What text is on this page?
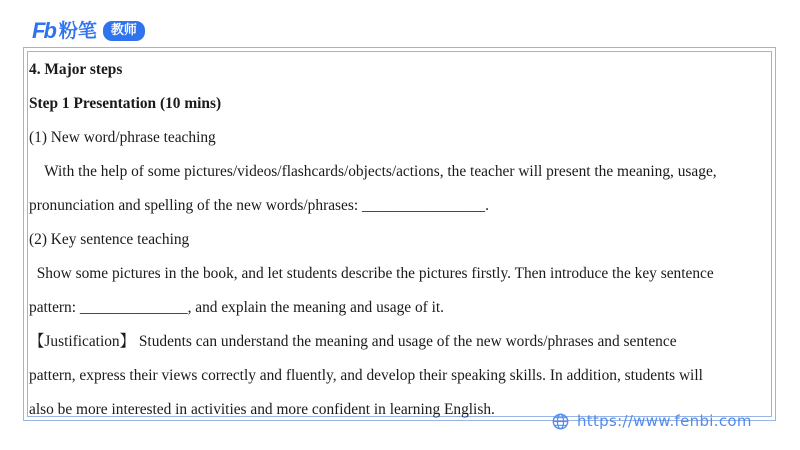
Fb 粉笔	教师
4. Major steps
Step 1 Presentation (10 mins)
(1) New word/phrase teaching
With the help of some pictures/videos/flashcards/objects/actions, the teacher will present the meaning, usage,
pronunciation and spelling of the new words/phrases: ________________.
(2) Key sentence teaching
Show some pictures in the book, and let students describe the pictures firstly. Then introduce the key sentence
pattern: ______________, and explain the meaning and usage of it.
【Justification】 Students can understand the meaning and usage of the new words/phrases and sentence
pattern, express their views correctly and fluently, and develop their speaking skills. In addition, students will
also be more interested in activities and more confident in learning English.
https://www.fenbi.com
